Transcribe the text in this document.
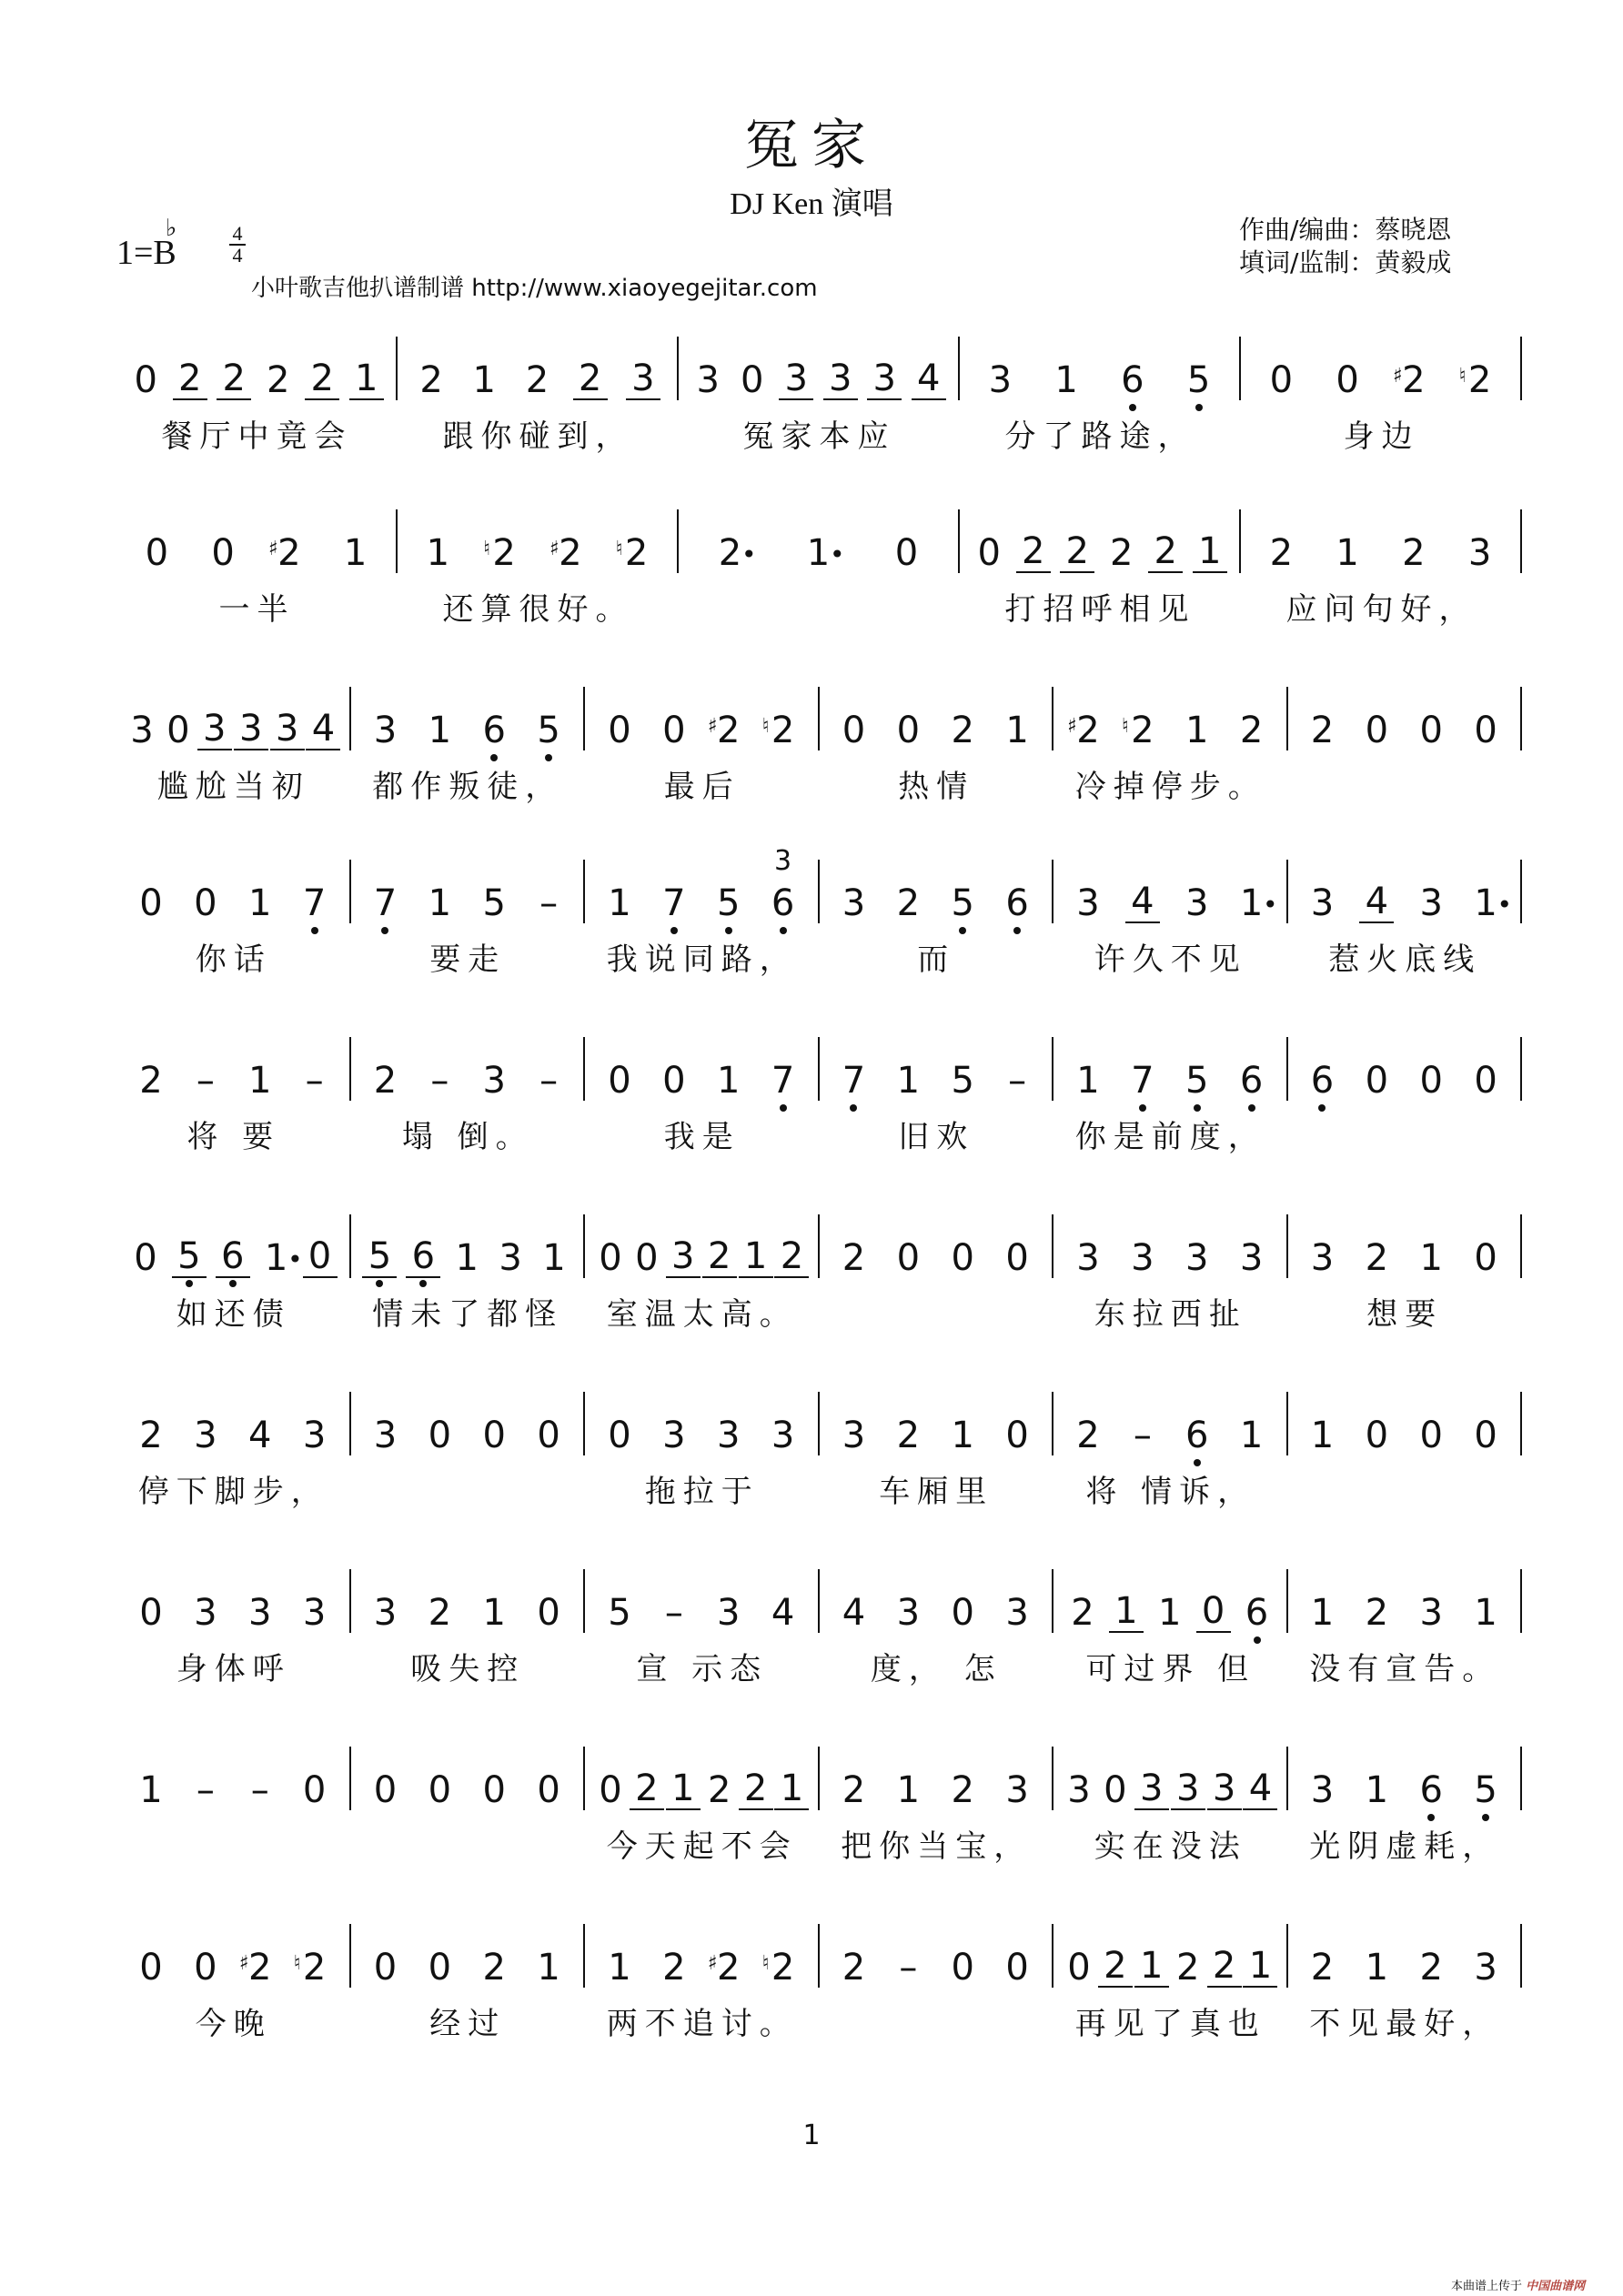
冤家
DJ Ken 演唱
1=B
♭	4
4
小叶歌吉他扒谱制谱 http://www.xiaoyegejitar.com
作曲/编曲：蔡晓恩
填词/监制：黄毅成
0 2 2 2 2 1 2 1 2 2 3 3 0 3 3 3 4 3 1 6 5 0 0 2
♯ 2
♮
餐厅中竟会	跟你碰到，	冤家本应	分了路途，	身边
0 0 2
♯ 1 1 2
♮ 2
♯ 2
♮	2 • 1 • 0 0 2 2 2 2 1 2 1 2 3
一半	还算很好。	打招呼相见	应问句好，
3 0 3 3 3 4 3 1 6 5 0 0 2
♯ 2
♮ 0 0 2 1 2
♯ 2
♮ 1 2 2 0 0 0
尴尬当初	都作叛徒，	最后	热情	冷掉停步。
0 0 1 7 7 1 5 – 1 7 5 6
3
3 2 5 6 3 4 3 1 • 3 4 3 1 •
你话	要走	我说同路，	而	许久不见	惹火底线
2 – 1 – 2 – 3 – 0 0 1 7 7 1 5 – 1 7 5 6 6 0 0 0
将 要	塌 倒。	我是	旧欢	你是前度，
0 5 6 1 • 0 5 6 1 3 1 0 0 3 2 1 2 2 0 0 0 3 3 3 3 3 2 1 0
如还债	情未了都怪	室温太高。	东拉西扯	想要
2 3 4 3 3 0 0 0 0 3 3 3 3 2 1 0 2 – 6 1 1 0 0 0
停下脚步，	拖拉于	车厢里	将 情诉，
0 3 3 3 3 2 1 0 5 – 3 4 4 3 0 3 2 1 1 0 6 1 2 3 1
身体呼	吸失控	宣 示态	度， 怎	可过界 但	没有宣告。
1 – – 0 0 0 0 0 0 2 1 2 2 1 2 1 2 3 3 0 3 3 3 4 3 1 6 5
今天起不会	把你当宝，	实在没法	光阴虚耗，
0 0 2
♯ 2
♮ 0 0 2 1 1 2 2
♯ 2
♮ 2 – 0 0 0 2 1 2 2 1 2 1 2 3
今晚	经过	两不追讨。	再见了真也	不见最好，
1
本曲谱上传于 中国曲谱网
